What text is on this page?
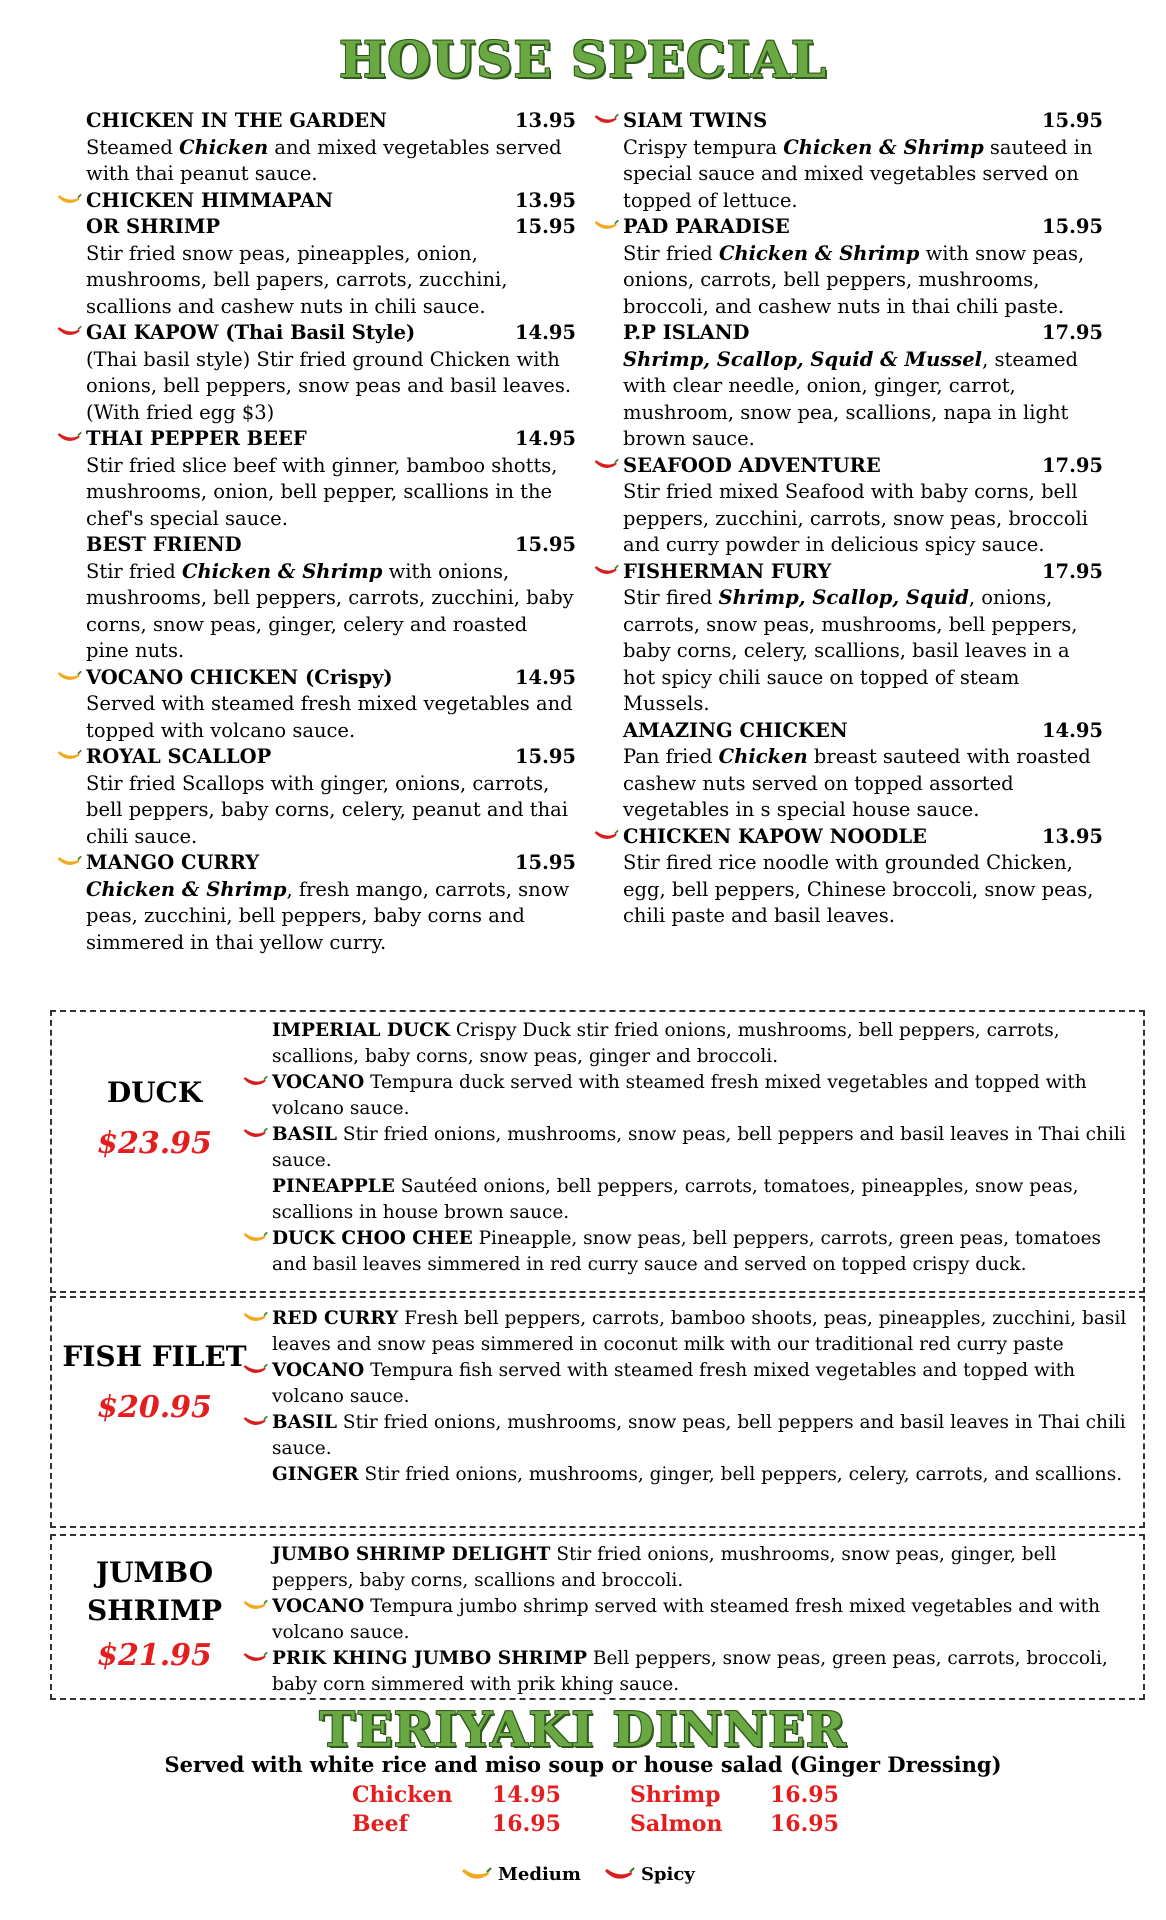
HOUSE SPECIAL
CHICKEN IN THE GARDEN	13.95
Steamed Chicken and mixed vegetables served with thai peanut sauce.
CHICKEN HIMMAPAN	13.95
OR SHRIMP	15.95
Stir fried snow peas, pineapples, onion, mushrooms, bell papers, carrots, zucchini, scallions and cashew nuts in chili sauce.
GAI KAPOW (Thai Basil Style)	14.95
(Thai basil style) Stir fried ground Chicken with onions, bell peppers, snow peas and basil leaves. (With fried egg $3)
THAI PEPPER BEEF	14.95
Stir fried slice beef with ginner, bamboo shotts, mushrooms, onion, bell pepper, scallions in the chef's special sauce.
BEST FRIEND	15.95
Stir fried Chicken & Shrimp with onions, mushrooms, bell peppers, carrots, zucchini, baby corns, snow peas, ginger, celery and roasted pine nuts.
VOCANO CHICKEN (Crispy)	14.95
Served with steamed fresh mixed vegetables and topped with volcano sauce.
ROYAL SCALLOP	15.95
Stir fried Scallops with ginger, onions, carrots, bell peppers, baby corns, celery, peanut and thai chili sauce.
MANGO CURRY	15.95
Chicken & Shrimp, fresh mango, carrots, snow peas, zucchini, bell peppers, baby corns and simmered in thai yellow curry.
SIAM TWINS	15.95
Crispy tempura Chicken & Shrimp sauteed in special sauce and mixed vegetables served on topped of lettuce.
PAD PARADISE	15.95
Stir fried Chicken & Shrimp with snow peas, onions, carrots, bell peppers, mushrooms, broccoli, and cashew nuts in thai chili paste.
P.P ISLAND	17.95
Shrimp, Scallop, Squid & Mussel, steamed with clear needle, onion, ginger, carrot, mushroom, snow pea, scallions, napa in light brown sauce.
SEAFOOD ADVENTURE	17.95
Stir fried mixed Seafood with baby corns, bell peppers, zucchini, carrots, snow peas, broccoli and curry powder in delicious spicy sauce.
FISHERMAN FURY	17.95
Stir fired Shrimp, Scallop, Squid, onions, carrots, snow peas, mushrooms, bell peppers, baby corns, celery, scallions, basil leaves in a hot spicy chili sauce on topped of steam Mussels.
AMAZING CHICKEN	14.95
Pan fried Chicken breast sauteed with roasted cashew nuts served on topped assorted vegetables in s special house sauce.
CHICKEN KAPOW NOODLE	13.95
Stir fired rice noodle with grounded Chicken, egg, bell peppers, Chinese broccoli, snow peas, chili paste and basil leaves.
DUCK
$23.95
IMPERIAL DUCK Crispy Duck stir fried onions, mushrooms, bell peppers, carrots, scallions, baby corns, snow peas, ginger and broccoli.
VOCANO Tempura duck served with steamed fresh mixed vegetables and topped with volcano sauce.
BASIL Stir fried onions, mushrooms, snow peas, bell peppers and basil leaves in Thai chili sauce.
PINEAPPLE Sautéed onions, bell peppers, carrots, tomatoes, pineapples, snow peas, scallions in house brown sauce.
DUCK CHOO CHEE Pineapple, snow peas, bell peppers, carrots, green peas, tomatoes and basil leaves simmered in red curry sauce and served on topped crispy duck.
FISH FILET
$20.95
RED CURRY Fresh bell peppers, carrots, bamboo shoots, peas, pineapples, zucchini, basil leaves and snow peas simmered in coconut milk with our traditional red curry paste
VOCANO Tempura fish served with steamed fresh mixed vegetables and topped with volcano sauce.
BASIL Stir fried onions, mushrooms, snow peas, bell peppers and basil leaves in Thai chili sauce.
GINGER Stir fried onions, mushrooms, ginger, bell peppers, celery, carrots, and scallions.
JUMBO
SHRIMP
$21.95
JUMBO SHRIMP DELIGHT Stir fried onions, mushrooms, snow peas, ginger, bell peppers, baby corns, scallions and broccoli.
VOCANO Tempura jumbo shrimp served with steamed fresh mixed vegetables and with volcano sauce.
PRIK KHING JUMBO SHRIMP Bell peppers, snow peas, green peas, carrots, broccoli, baby corn simmered with prik khing sauce.
TERIYAKI DINNER
Served with white rice and miso soup or house salad (Ginger Dressing)
Chicken 14.95	Shrimp 16.95
Beef	16.95	Salmon 16.95
Medium	Spicy
